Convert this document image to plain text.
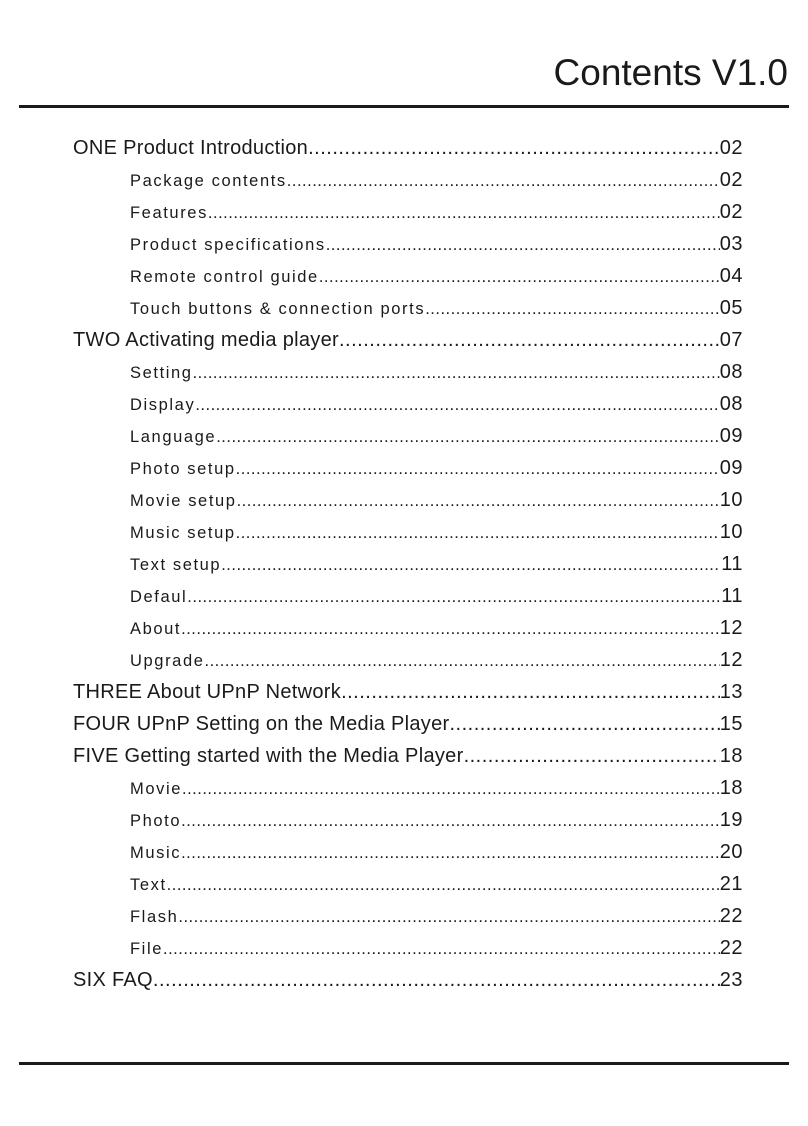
Contents V1.0
ONE Product Introduction .....	02
Package contents .....	02
Features .....	02
Product specifications .....	03
Remote control guide .....	04
Touch buttons & connection ports .....	05
TWO Activating media player .....	07
Setting .....	08
Display .....	08
Language .....	09
Photo setup .....	09
Movie setup .....	10
Music setup .....	10
Text setup .....	11
Defaul .....	11
About .....	12
Upgrade .....	12
THREE About UPnP Network .....	13
FOUR UPnP Setting on the Media Player .....	15
FIVE Getting started with the Media Player .....	18
Movie .....	18
Photo .....	19
Music .....	20
Text .....	21
Flash .....	22
File .....	22
SIX FAQ .....	23
